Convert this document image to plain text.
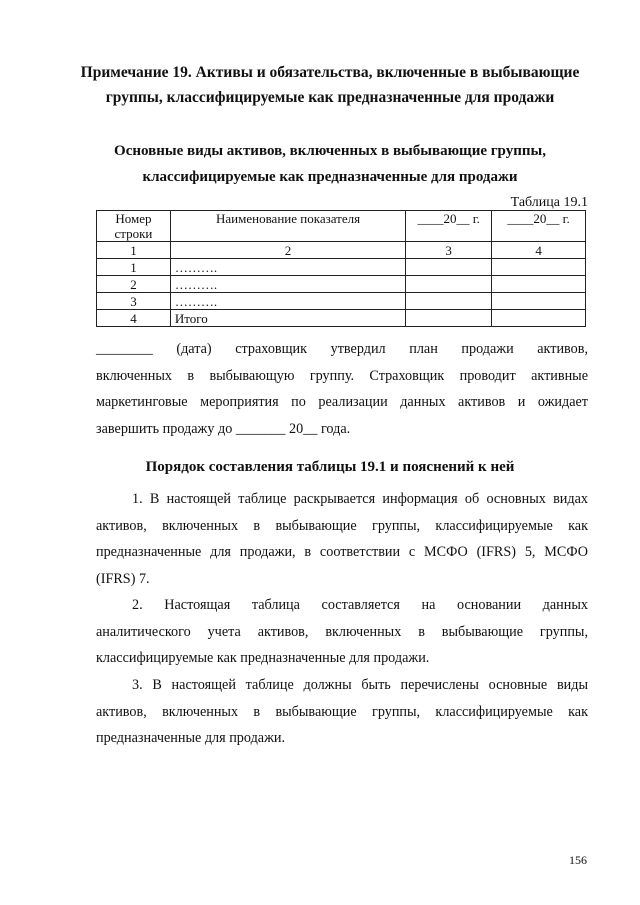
Примечание 19. Активы и обязательства, включенные в выбывающие
группы, классифицируемые как предназначенные для продажи
Основные виды активов, включенных в выбывающие группы,
классифицируемые как предназначенные для продажи
Таблица 19.1
Номер строки	Наименование показателя	____20__ г.	____20__ г.
1	2	3	4
1	……….		
2	……….		
3	……….		
4	Итого		
________ (дата) страховщик утвердил план продажи активов,
включенных в выбывающую группу. Страховщик проводит активные
маркетинговые мероприятия по реализации данных активов и ожидает
завершить продажу до _______ 20__ года.
Порядок составления таблицы 19.1 и пояснений к ней
1. В настоящей таблице раскрывается информация об основных видах
активов, включенных в выбывающие группы, классифицируемые как
предназначенные для продажи, в соответствии с МСФО (IFRS) 5, МСФО
(IFRS) 7.
2. Настоящая таблица составляется на основании данных
аналитического учета активов, включенных в выбывающие группы,
классифицируемые как предназначенные для продажи.
3. В настоящей таблице должны быть перечислены основные виды
активов, включенных в выбывающие группы, классифицируемые как
предназначенные для продажи.
156
